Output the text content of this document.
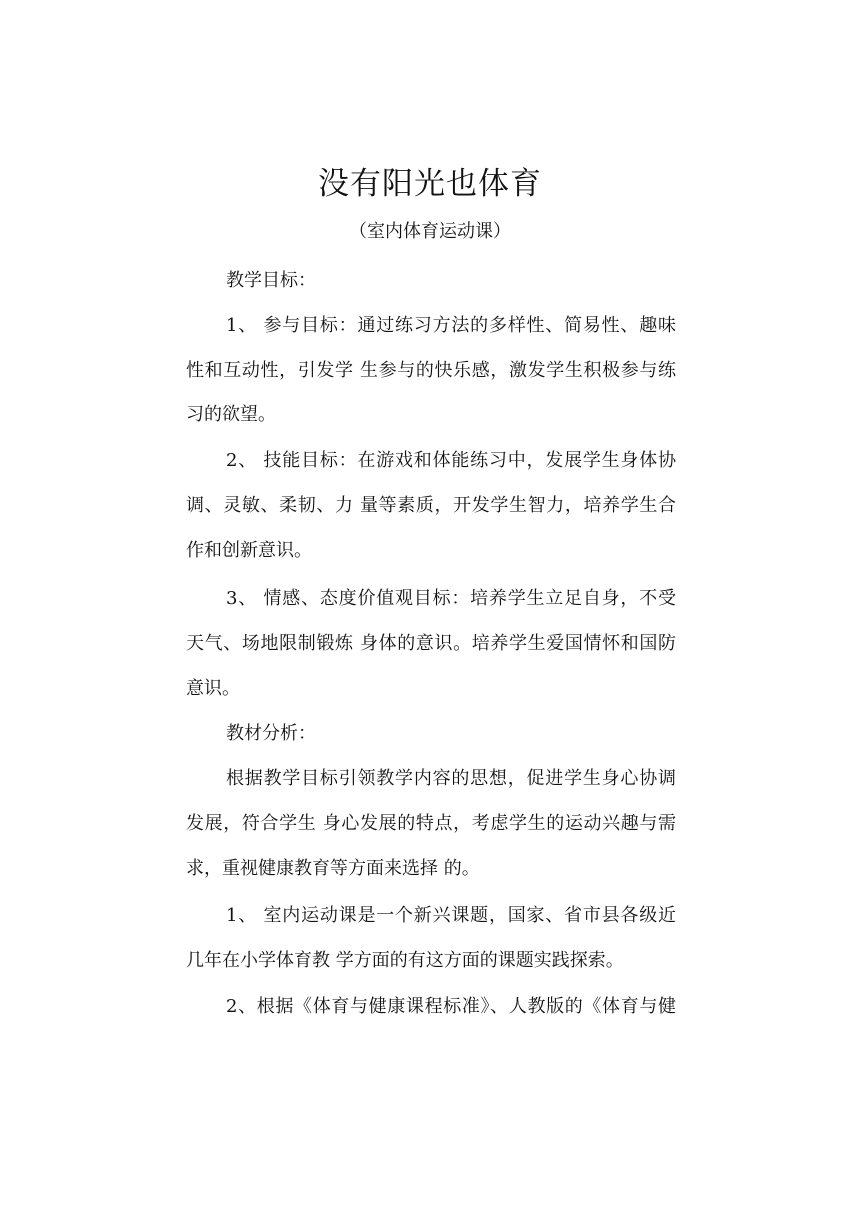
没有阳光也体育

（室内体育运动课）

教学目标：

1、 参与目标：通过练习方法的多样性、简易性、趣味

性和互动性，引发学 生参与的快乐感，激发学生积极参与练

习的欲望。

2、 技能目标：在游戏和体能练习中，发展学生身体协

调、灵敏、柔韧、力 量等素质，开发学生智力，培养学生合

作和创新意识。

3、 情感、态度价值观目标：培养学生立足自身，不受

天气、场地限制锻炼 身体的意识。培养学生爱国情怀和国防

意识。

教材分析：

根据教学目标引领教学内容的思想，促进学生身心协调

发展，符合学生 身心发展的特点，考虑学生的运动兴趣与需

求，重视健康教育等方面来选择 的。

1、 室内运动课是一个新兴课题，国家、省市县各级近

几年在小学体育教 学方面的有这方面的课题实践探索。

2、根据《体育与健康课程标准》、人教版的《体育与健
